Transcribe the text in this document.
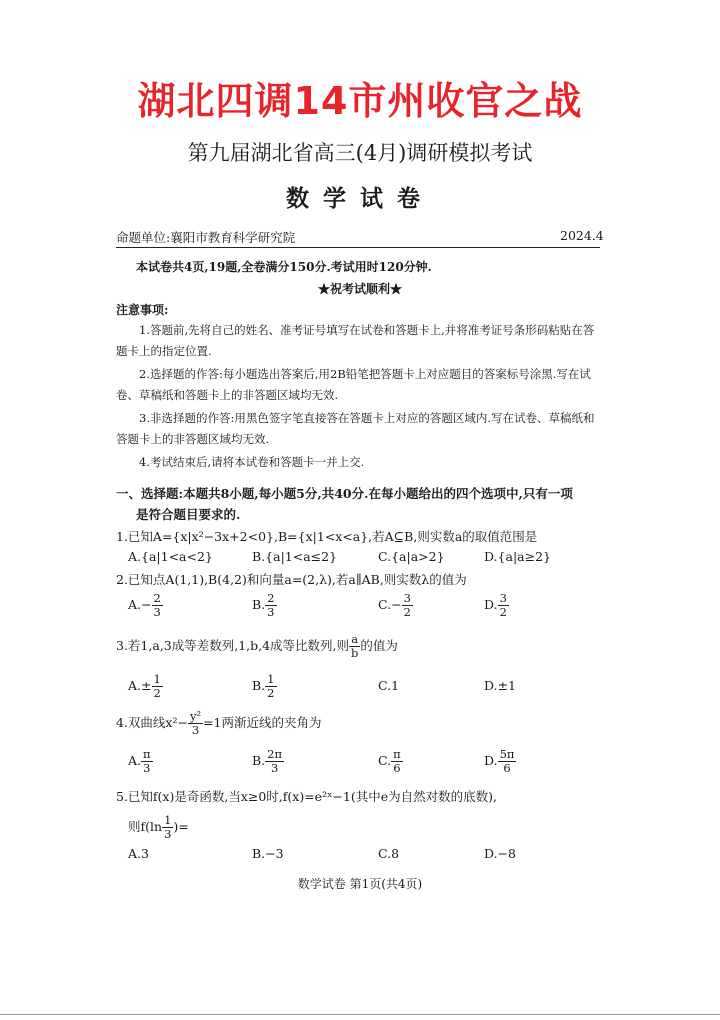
湖北四调14市州收官之战
第九届湖北省高三(4月)调研模拟考试
数学试卷
命题单位:襄阳市教育科学研究院	2024.4
本试卷共4页,19题,全卷满分150分.考试用时120分钟.
★祝考试顺利★
注意事项:
1.答题前,先将自己的姓名、准考证号填写在试卷和答题卡上,并将准考证号条形码粘贴在答题卡上的指定位置.
2.选择题的作答:每小题选出答案后,用2B铅笔把答题卡上对应题目的答案标号涂黑.写在试卷、草稿纸和答题卡上的非答题区域均无效.
3.非选择题的作答:用黑色签字笔直接答在答题卡上对应的答题区域内.写在试卷、草稿纸和答题卡上的非答题区域均无效.
4.考试结束后,请将本试卷和答题卡一并上交.
一、选择题:本题共8小题,每小题5分,共40分.在每小题给出的四个选项中,只有一项
是符合题目要求的.
1.已知A={x|x²−3x+2<0},B={x|1<x<a},若A⊆B,则实数a的取值范围是
A.{a|1<a<2}	B.{a|1<a≤2}	C.{a|a>2}	D.{a|a≥2}
2.已知点A(1,1),B(4,2)和向量a=(2,λ),若a∥AB,则实数λ的值为
$A.- \frac{2}{3}$	B. $\frac{2}{3}$	$C.- \frac{3}{2}$	D. $\frac{3}{2}$
3.若1,a,3成等差数列,1,b,4成等比数列,则 $\frac{a}{b}$ 的值为
$A.\pm \frac{1}{2}$	B. $\frac{1}{2}$	C.1	D.±1
4.双曲线$x^2- \frac{\text{y²}}{3} =1$两渐近线的夹角为
A. $\frac{\pi}{3}$	B. $\frac{2\pi}{3}$	C. $\frac{\pi}{6}$	D. $\frac{5\pi}{6}$
5.已知f(x)是奇函数,当x≥0时,f(x)=e²ˣ−1(其中e为自然对数的底数),
则$f(\ln \frac{1}{3}$ )=
A.3	B.−3	C.8	D.−8
数学试卷 第1页(共4页)
